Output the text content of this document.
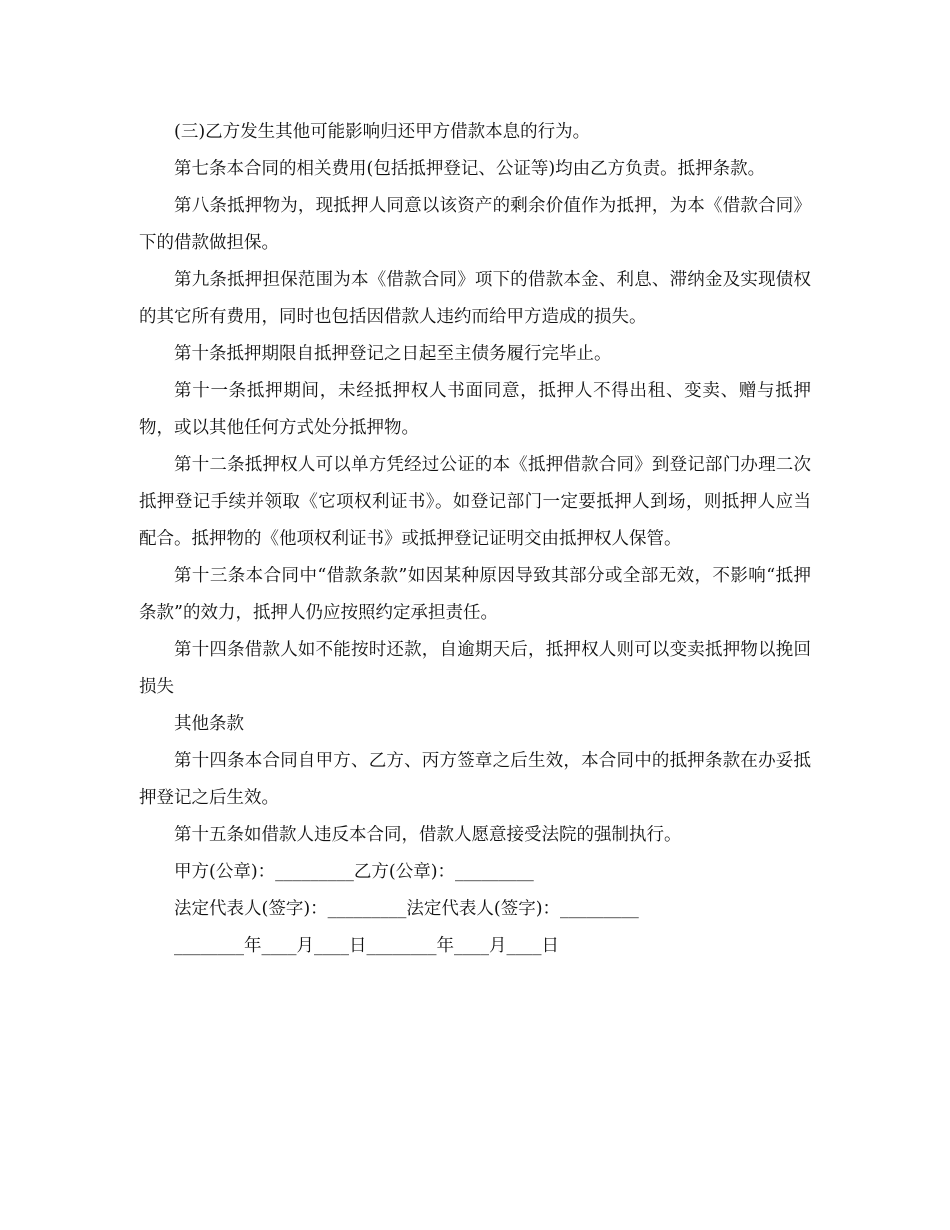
(三)乙方发生其他可能影响归还甲方借款本息的行为。

第七条本合同的相关费用(包括抵押登记、公证等)均由乙方负责。抵押条款。

第八条抵押物为，现抵押人同意以该资产的剩余价值作为抵押，为本《借款合同》下的借款做担保。

第九条抵押担保范围为本《借款合同》项下的借款本金、利息、滞纳金及实现债权的其它所有费用，同时也包括因借款人违约而给甲方造成的损失。

第十条抵押期限自抵押登记之日起至主债务履行完毕止。

第十一条抵押期间，未经抵押权人书面同意，抵押人不得出租、变卖、赠与抵押物，或以其他任何方式处分抵押物。

第十二条抵押权人可以单方凭经过公证的本《抵押借款合同》到登记部门办理二次抵押登记手续并领取《它项权利证书》。如登记部门一定要抵押人到场，则抵押人应当配合。抵押物的《他项权利证书》或抵押登记证明交由抵押权人保管。

第十三条本合同中“借款条款”如因某种原因导致其部分或全部无效，不影响“抵押条款”的效力，抵押人仍应按照约定承担责任。

第十四条借款人如不能按时还款，自逾期天后，抵押权人则可以变卖抵押物以挽回损失

其他条款

第十四条本合同自甲方、乙方、丙方签章之后生效，本合同中的抵押条款在办妥抵押登记之后生效。

第十五条如借款人违反本合同，借款人愿意接受法院的强制执行。

甲方(公章)：_________乙方(公章)：_________

法定代表人(签字)：_________法定代表人(签字)：_________

________年____月____日________年____月____日
